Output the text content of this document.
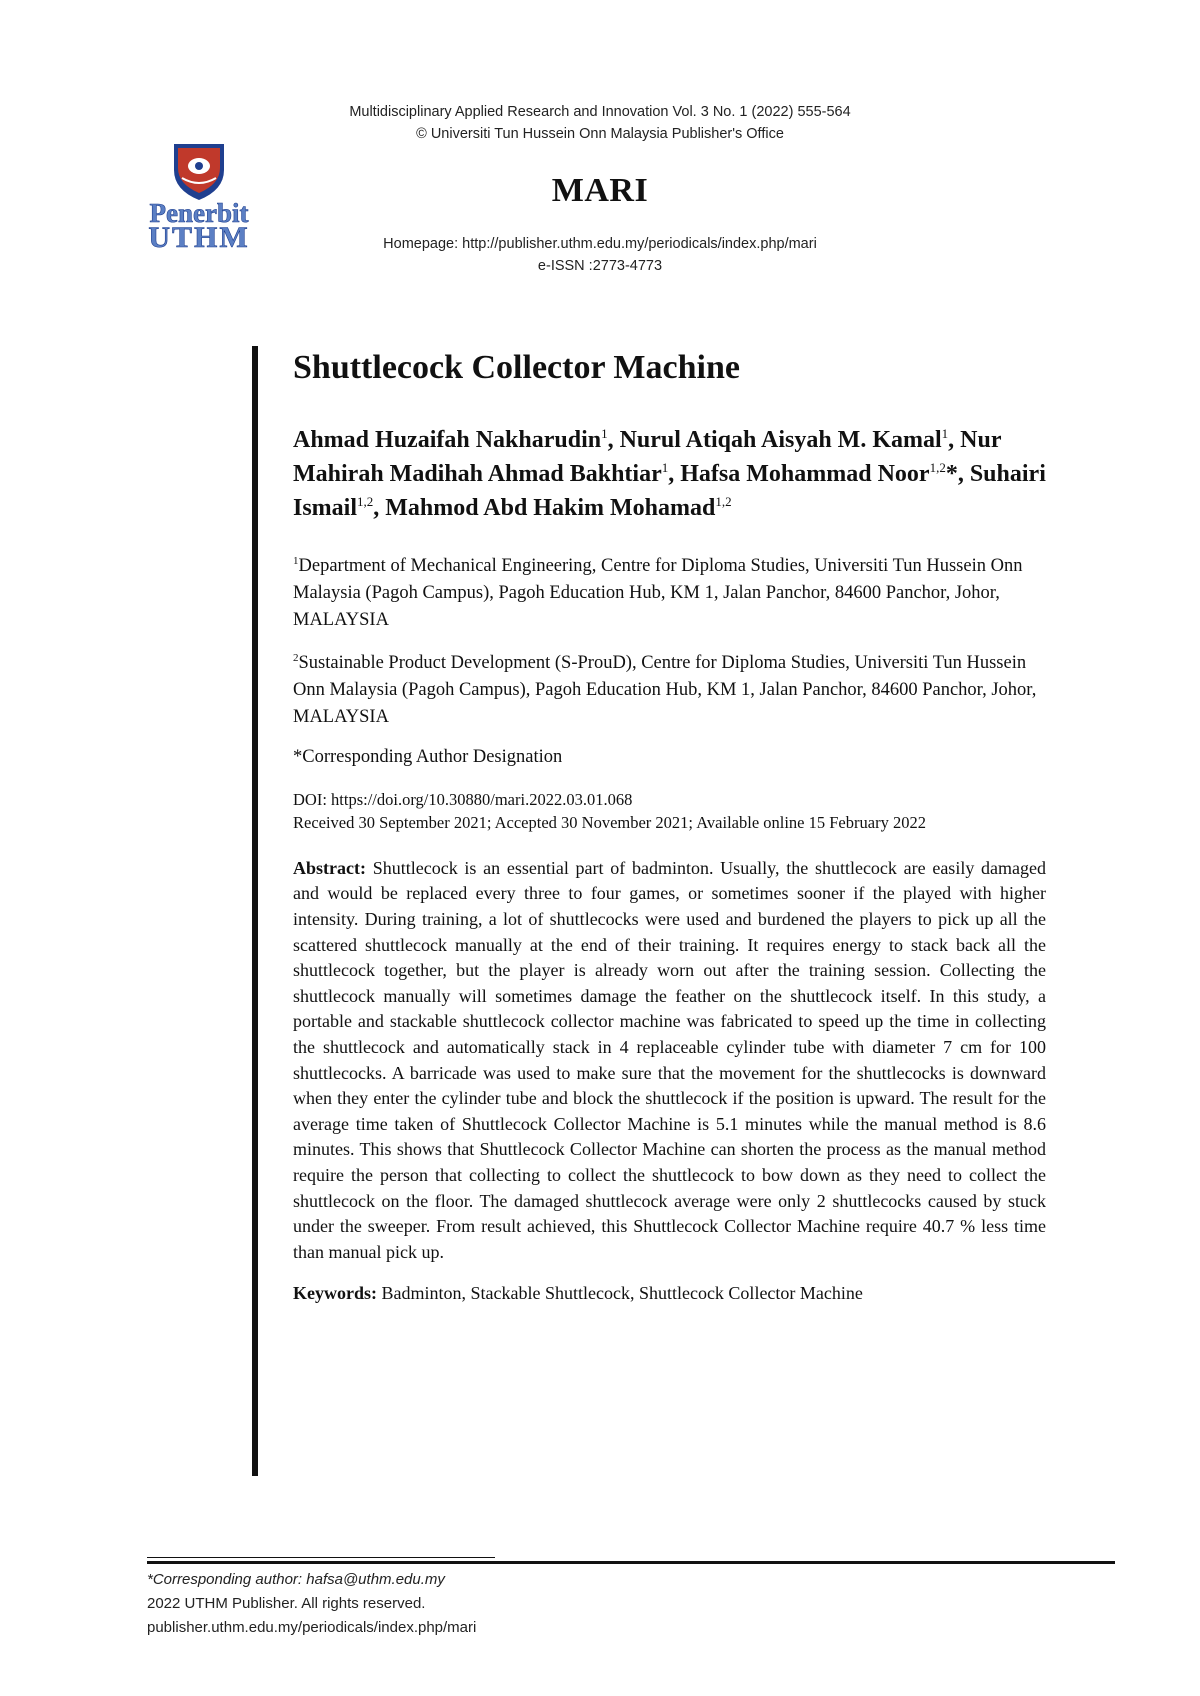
Multidisciplinary Applied Research and Innovation Vol. 3 No. 1 (2022) 555-564
© Universiti Tun Hussein Onn Malaysia Publisher's Office
MARI
Homepage: http://publisher.uthm.edu.my/periodicals/index.php/mari
e-ISSN :2773-4773
Penerbit
UTHM
Shuttlecock Collector Machine
Ahmad Huzaifah Nakharudin$^1$, Nurul Atiqah Aisyah M. Kamal$^1$, Nur Mahirah Madihah Ahmad Bakhtiar$^1$, Hafsa Mohammad Noor$^{1,2}$*, Suhairi Ismail$^{1,2}$, Mahmod Abd Hakim Mohamad$^{1,2}$

$^1$Department of Mechanical Engineering, Centre for Diploma Studies, Universiti Tun Hussein Onn Malaysia (Pagoh Campus), Pagoh Education Hub, KM 1, Jalan Panchor, 84600 Panchor, Johor, MALAYSIA

$^2$Sustainable Product Development (S-ProuD), Centre for Diploma Studies, Universiti Tun Hussein Onn Malaysia (Pagoh Campus), Pagoh Education Hub, KM 1, Jalan Panchor, 84600 Panchor, Johor, MALAYSIA

*Corresponding Author Designation

DOI: https://doi.org/10.30880/mari.2022.03.01.068

Received 30 September 2021; Accepted 30 November 2021; Available online 15 February 2022

Abstract: Shuttlecock is an essential part of badminton. Usually, the shuttlecock are easily damaged and would be replaced every three to four games, or sometimes sooner if the played with higher intensity. During training, a lot of shuttlecocks were used and burdened the players to pick up all the scattered shuttlecock manually at the end of their training. It requires energy to stack back all the shuttlecock together, but the player is already worn out after the training session. Collecting the shuttlecock manually will sometimes damage the feather on the shuttlecock itself. In this study, a portable and stackable shuttlecock collector machine was fabricated to speed up the time in collecting the shuttlecock and automatically stack in 4 replaceable cylinder tube with diameter 7 cm for 100 shuttlecocks. A barricade was used to make sure that the movement for the shuttlecocks is downward when they enter the cylinder tube and block the shuttlecock if the position is upward. The result for the average time taken of Shuttlecock Collector Machine is 5.1 minutes while the manual method is 8.6 minutes. This shows that Shuttlecock Collector Machine can shorten the process as the manual method require the person that collecting to collect the shuttlecock to bow down as they need to collect the shuttlecock on the floor. The damaged shuttlecock average were only 2 shuttlecocks caused by stuck under the sweeper. From result achieved, this Shuttlecock Collector Machine require 40.7 % less time than manual pick up.

Keywords: Badminton, Stackable Shuttlecock, Shuttlecock Collector Machine

*Corresponding author: hafsa@uthm.edu.my
2022 UTHM Publisher. All rights reserved.
publisher.uthm.edu.my/periodicals/index.php/mari
